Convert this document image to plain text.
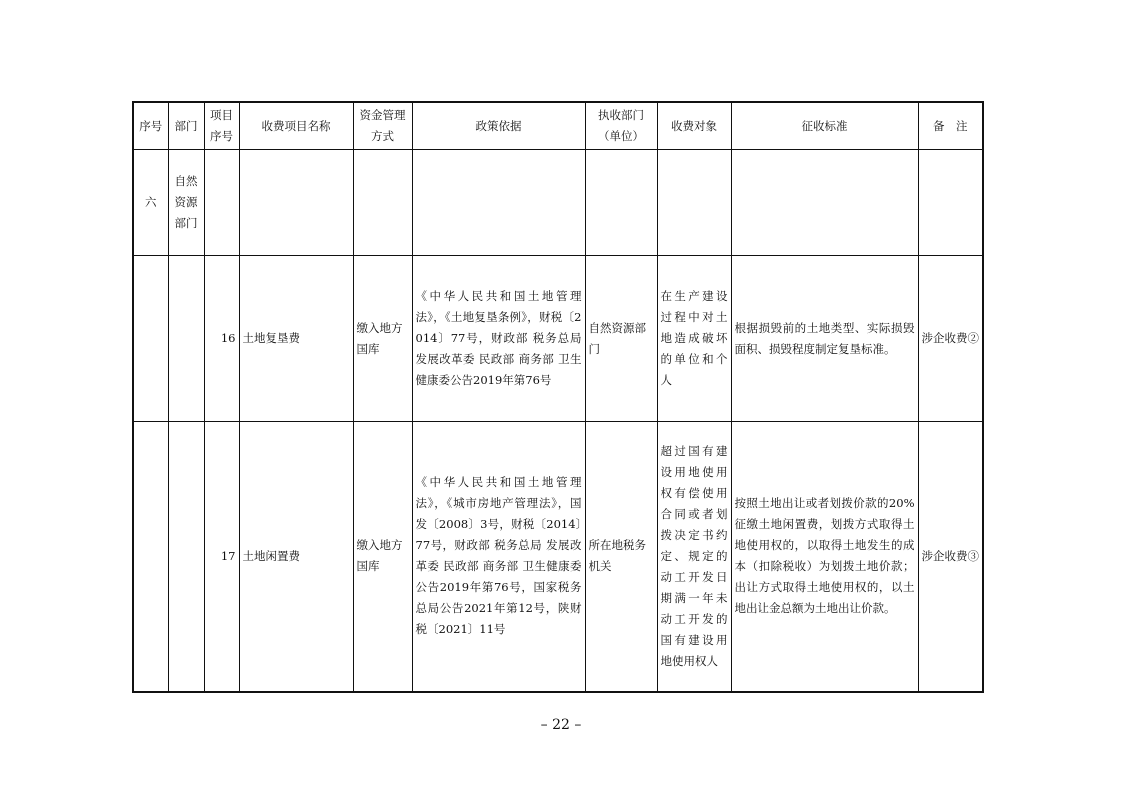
序号	部门	项目序号	收费项目名称	资金管理方式	政策依据	执收部门（单位）	收费对象	征收标准	备　注
六	自然资源部门								
		16	土地复垦费	缴入地方国库	《中华人民共和国土地管理法》，《土地复垦条例》，财税〔2014〕77号，财政部 税务总局 发展改革委 民政部 商务部 卫生健康委公告2019年第76号	自然资源部门	在生产建设过程中对土地造成破坏的单位和个人	根据损毁前的土地类型、实际损毁面积、损毁程度制定复垦标准。	涉企收费②
		17	土地闲置费	缴入地方国库	《中华人民共和国土地管理法》，《城市房地产管理法》，国发〔2008〕3号，财税〔2014〕77号，财政部 税务总局 发展改革委 民政部 商务部 卫生健康委公告2019年第76号，国家税务总局公告2021年第12号，陕财税〔2021〕11号	所在地税务机关	超过国有建设用地使用权有偿使用合同或者划拨决定书约定、规定的动工开发日期满一年未动工开发的国有建设用地使用权人	按照土地出让或者划拨价款的20%征缴土地闲置费，划拨方式取得土地使用权的，以取得土地发生的成本（扣除税收）为划拨土地价款；出让方式取得土地使用权的，以土地出让金总额为土地出让价款。	涉企收费③
– 22 –
